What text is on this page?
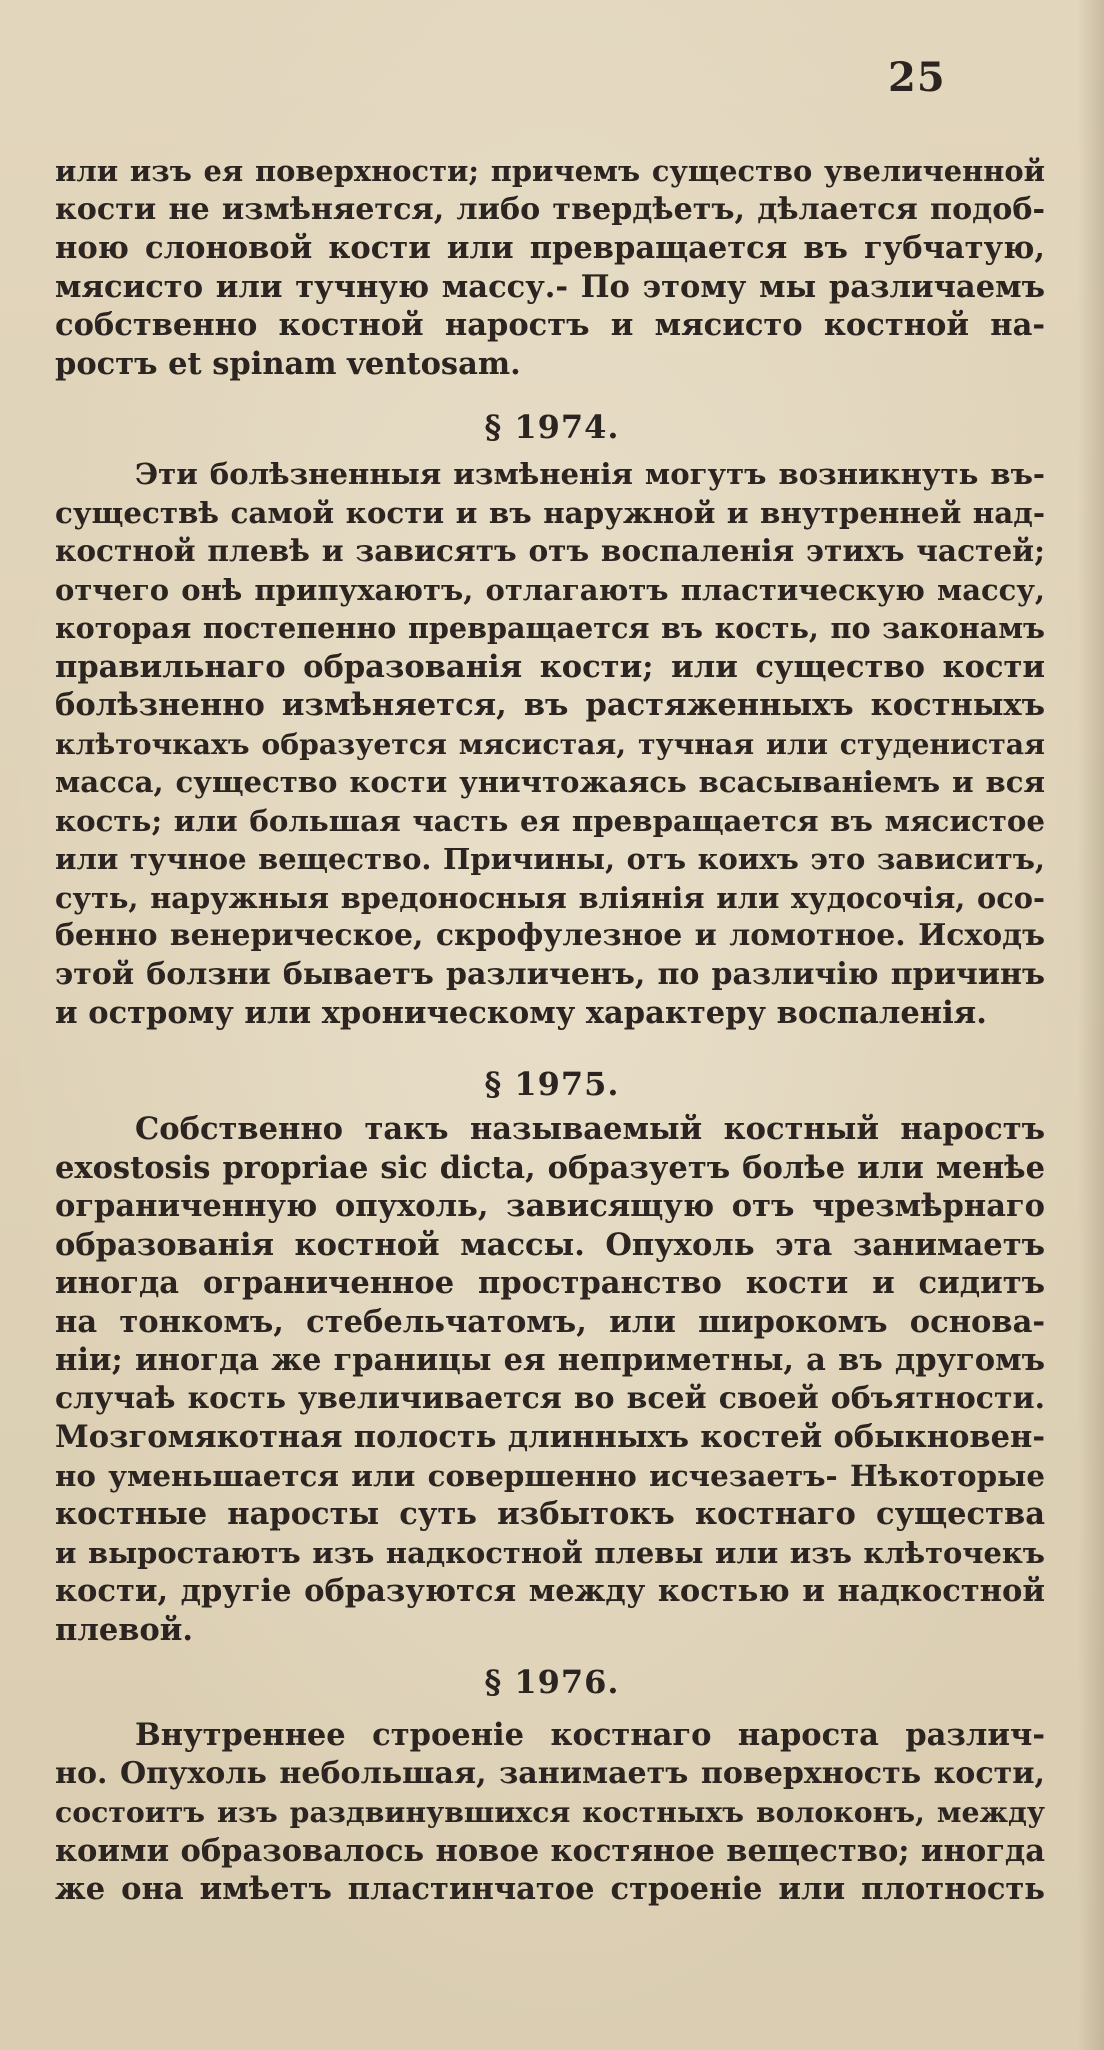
25
или изъ ея поверхности; причемъ существо увеличенной
кости не измѣняется, либо твердѣетъ, дѣлается подоб-
ною слоновой кости или превращается въ губчатую,
мясисто или тучную массу.- По этому мы различаемъ
собственно костной наростъ и мясисто костной на-
ростъ et spinam ventosam.
§ 1974.
Эти болѣзненныя измѣненія могутъ возникнуть въ-
существѣ самой кости и въ наружной и внутренней над-
костной плевѣ и зависятъ отъ воспаленія этихъ частей;
отчего онѣ припухаютъ, отлагаютъ пластическую массу,
которая постепенно превращается въ кость, по законамъ
правильнаго образованія кости; или существо кости
болѣзненно измѣняется, въ растяженныхъ костныхъ
клѣточкахъ образуется мясистая, тучная или студенистая
масса, существо кости уничтожаясь всасываніемъ и вся
кость; или большая часть ея превращается въ мясистое
или тучное вещество. Причины, отъ коихъ это зависитъ,
суть, наружныя вредоносныя вліянія или худосочія, осо-
бенно венерическое, скрофулезное и ломотное. Исходъ
этой болзни бываетъ различенъ, по различію причинъ
и острому или хроническому характеру воспаленія.
§ 1975.
Собственно такъ называемый костный наростъ
exostosis propriae sic dicta, образуетъ болѣе или менѣе
ограниченную опухоль, зависящую отъ чрезмѣрнаго
образованія костной массы. Опухоль эта занимаетъ
иногда ограниченное пространство кости и сидитъ
на тонкомъ, стебельчатомъ, или широкомъ основа-
ніи; иногда же границы ея неприметны, а въ другомъ
случаѣ кость увеличивается во всей своей объятности.
Мозгомякотная полость длинныхъ костей обыкновен-
но уменьшается или совершенно исчезаетъ- Нѣкоторые
костные наросты суть избытокъ костнаго существа
и выростаютъ изъ надкостной плевы или изъ клѣточекъ
кости, другіе образуются между костью и надкостной
плевой.
§ 1976.
Внутреннее строеніе костнаго нароста различ-
но. Опухоль небольшая, занимаетъ поверхность кости,
состоитъ изъ раздвинувшихся костныхъ волоконъ, между
коими образовалось новое костяное вещество; иногда
же она имѣетъ пластинчатое строеніе или плотность
